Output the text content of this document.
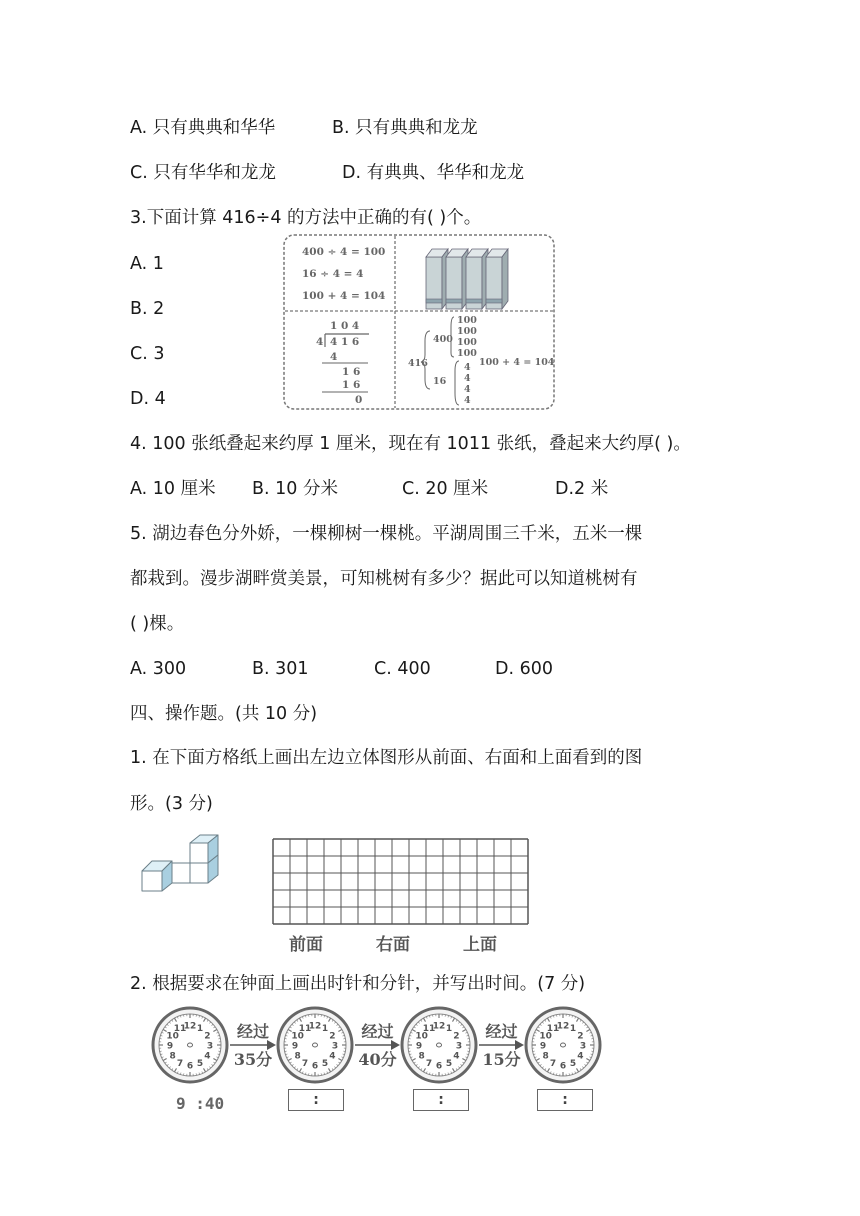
A. 只有典典和华华	B. 只有典典和龙龙
C. 只有华华和龙龙	D. 有典典、华华和龙龙
3.下面计算 416÷4 的方法中正确的有( )个。
A. 1
B. 2
C. 3
D. 4
400 ÷ 4 = 100
16 ÷ 4 = 4
100 + 4 = 104
1 0 4
4 4 1 6
4
1 6
1 6
0
416
400
16
100
100
100
100
4
4
4
4
100 + 4 = 104
4. 100 张纸叠起来约厚 1 厘米，现在有 1011 张纸，叠起来大约厚( )。
A. 10 厘米 B. 10 分米	C. 20 厘米	D.2 米
5. 湖边春色分外娇，一棵柳树一棵桃。平湖周围三千米，五米一棵
都栽到。漫步湖畔赏美景，可知桃树有多少？据此可以知道桃树有
( )棵。
A. 300	B. 301	C. 400	D. 600
四、操作题。(共 10 分)
1. 在下面方格纸上画出左边立体图形从前面、右面和上面看到的图
形。(3 分)
前面	右面	上面
2. 根据要求在钟面上画出时针和分针，并写出时间。(7 分)
12 1
2
3
4
5
6
7
8
9
10
11	12 1
2
3
4
5
6
7
8
9
10
11	12 1
2
3
4
5
6
7
8
9
10
11	12 1
2
3
4
5
6
7
8
9
10
11
经过
35分
经过
40分
经过
15分
9 :40	:	:	:
